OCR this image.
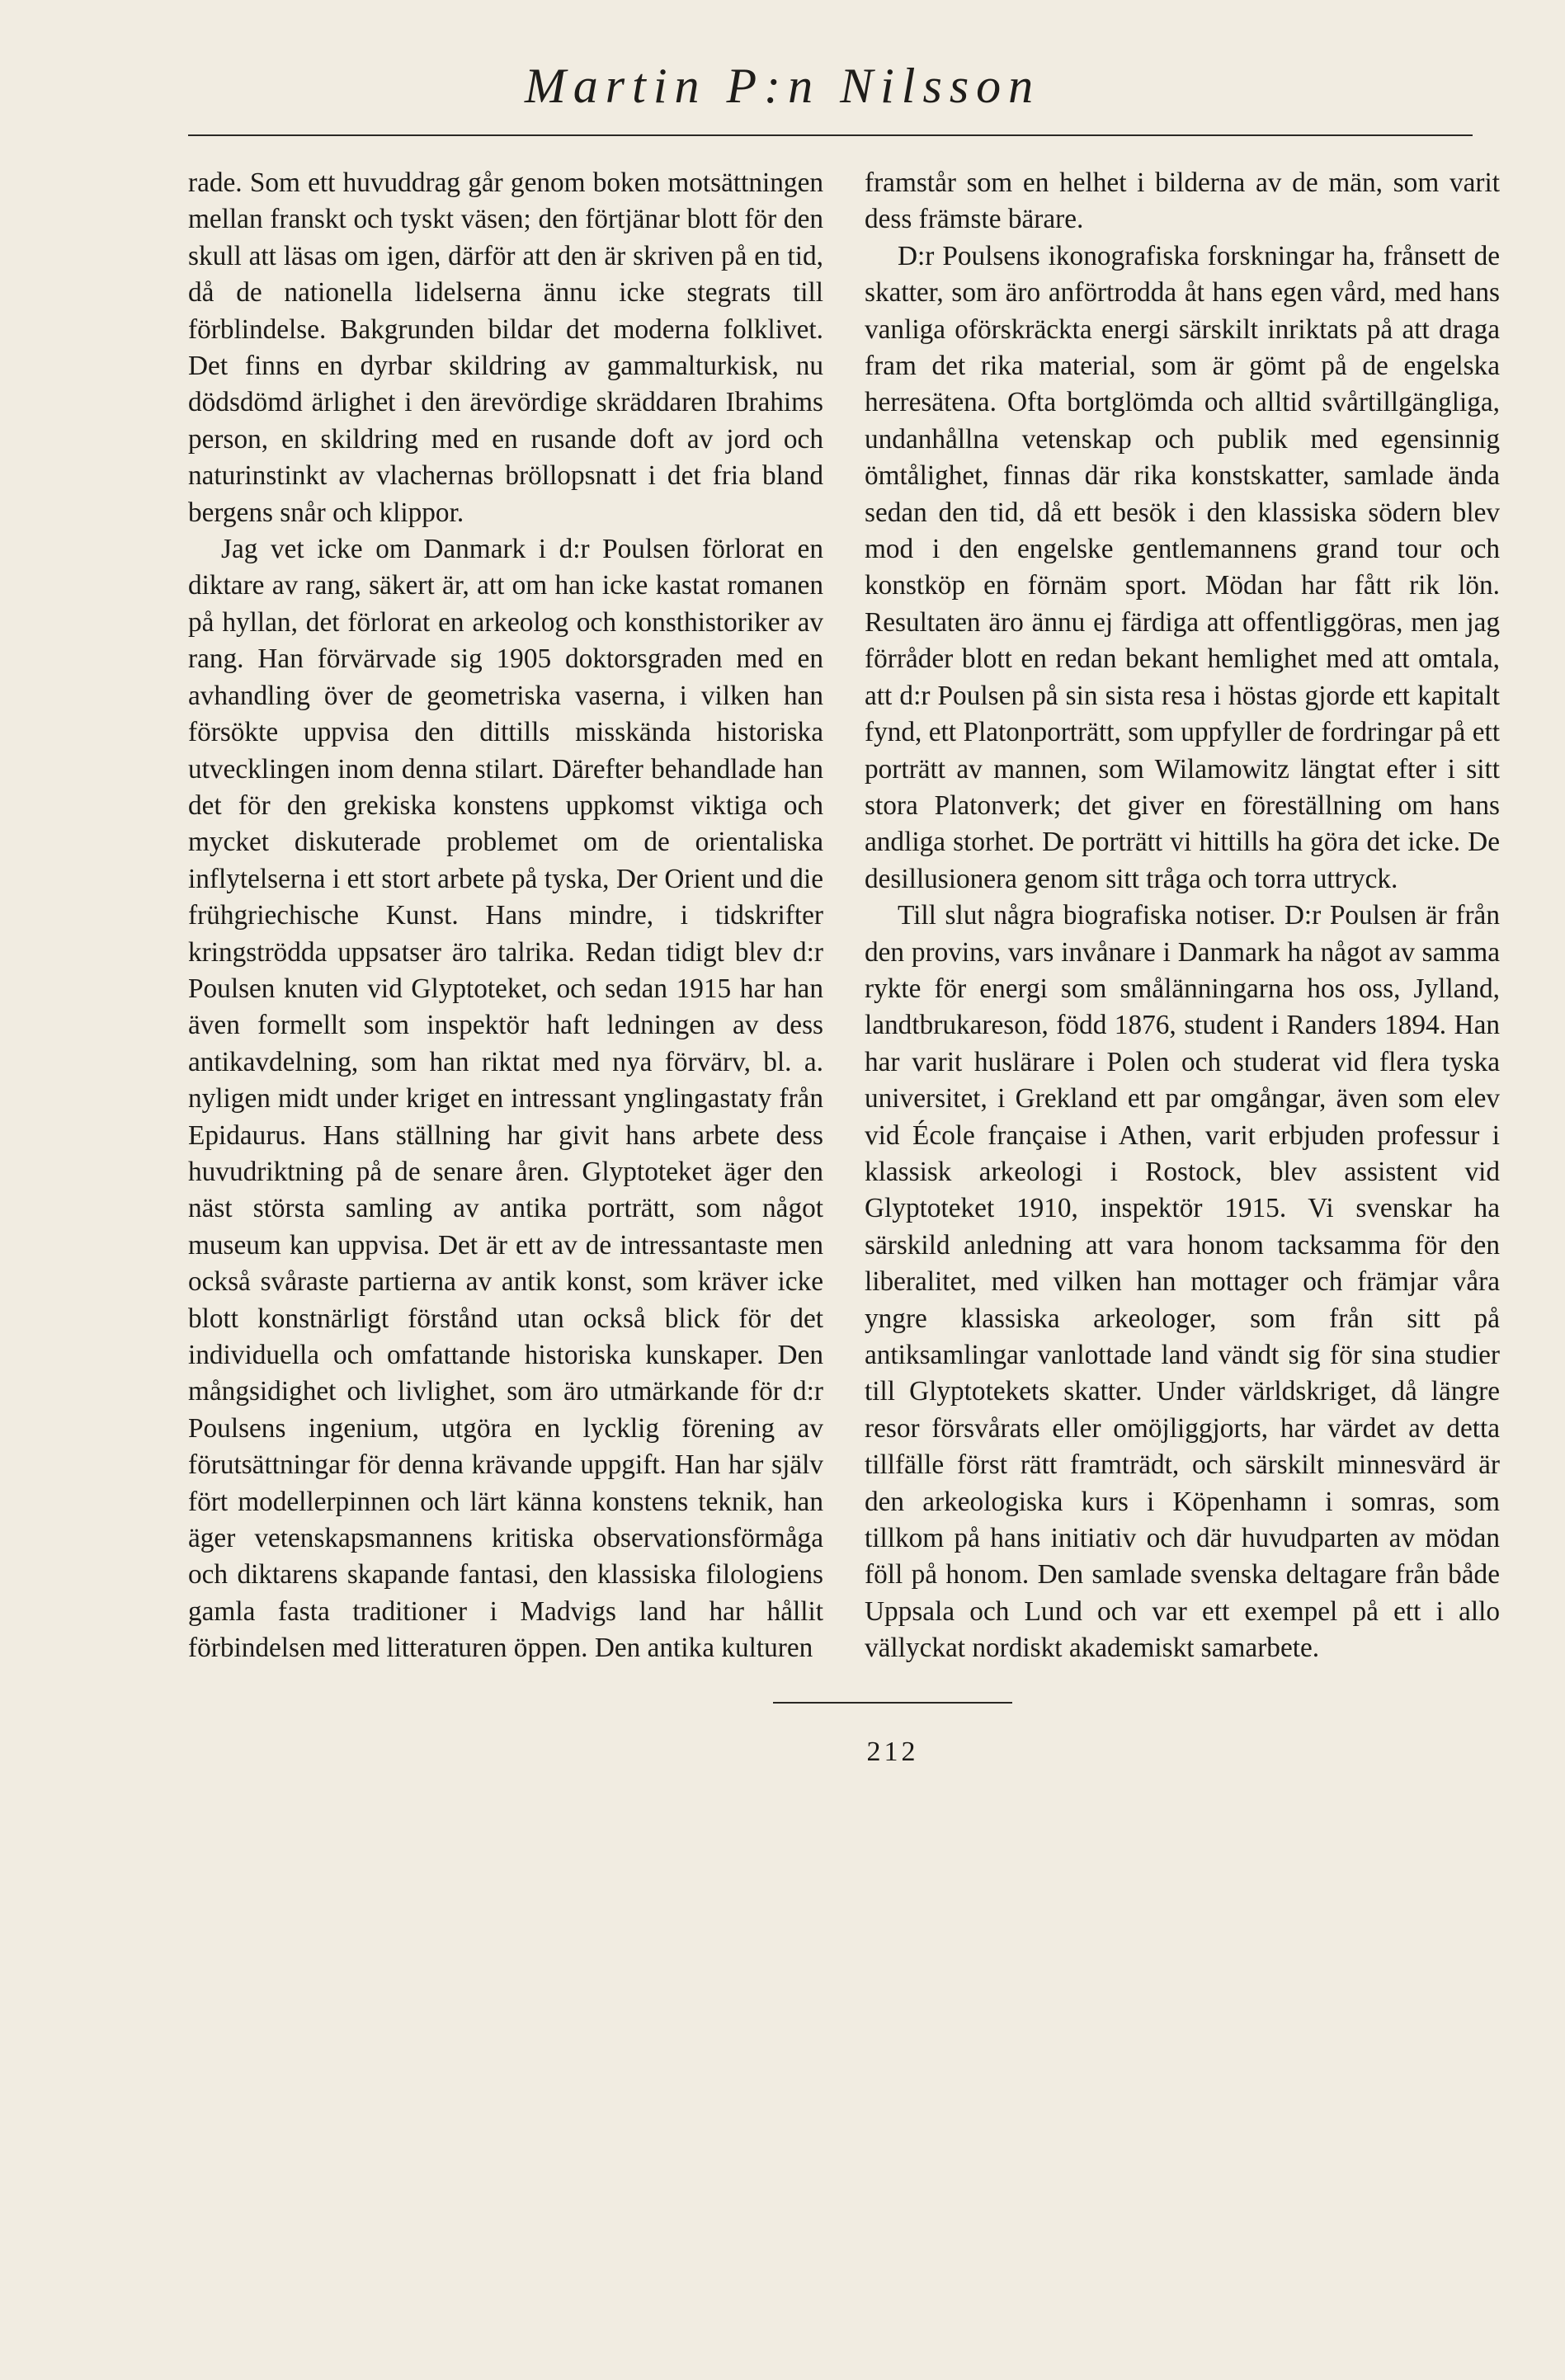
Martin P:n Nilsson

rade. Som ett huvuddrag går genom boken motsättningen mellan franskt och tyskt väsen; den förtjänar blott för den skull att läsas om igen, därför att den är skriven på en tid, då de nationella lidelserna ännu icke stegrats till förblindelse. Bakgrunden bildar det moderna folklivet. Det finns en dyrbar skildring av gammalturkisk, nu dödsdömd ärlighet i den ärevördige skräddaren Ibrahims person, en skildring med en rusande doft av jord och naturinstinkt av vlachernas bröllopsnatt i det fria bland bergens snår och klippor.

Jag vet icke om Danmark i d:r Poulsen förlorat en diktare av rang, säkert är, att om han icke kastat romanen på hyllan, det förlorat en arkeolog och konsthistoriker av rang. Han förvärvade sig 1905 doktorsgraden med en avhandling över de geometriska vaserna, i vilken han försökte uppvisa den dittills misskända historiska utvecklingen inom denna stilart. Därefter behandlade han det för den grekiska konstens uppkomst viktiga och mycket diskuterade problemet om de orientaliska inflytelserna i ett stort arbete på tyska, Der Orient und die frühgriechische Kunst. Hans mindre, i tidskrifter kringströdda uppsatser äro talrika. Redan tidigt blev d:r Poulsen knuten vid Glyptoteket, och sedan 1915 har han även formellt som inspektör haft ledningen av dess antikavdelning, som han riktat med nya förvärv, bl. a. nyligen midt under kriget en intressant ynglingastaty från Epidaurus. Hans ställning har givit hans arbete dess huvudriktning på de senare åren. Glyptoteket äger den näst största samling av antika porträtt, som något museum kan uppvisa. Det är ett av de intressantaste men också svåraste partierna av antik konst, som kräver icke blott konstnärligt förstånd utan också blick för det individuella och omfattande historiska kunskaper. Den mångsidighet och livlighet, som äro utmärkande för d:r Poulsens ingenium, utgöra en lycklig förening av förutsättningar för denna krävande uppgift. Han har själv fört modellerpinnen och lärt känna konstens teknik, han äger vetenskapsmannens kritiska observationsförmåga och diktarens skapande fantasi, den klassiska filologiens gamla fasta traditioner i Madvigs land har hållit förbindelsen med litteraturen öppen. Den antika kulturen

framstår som en helhet i bilderna av de män, som varit dess främste bärare.

D:r Poulsens ikonografiska forskningar ha, frånsett de skatter, som äro anförtrodda åt hans egen vård, med hans vanliga oförskräckta energi särskilt inriktats på att draga fram det rika material, som är gömt på de engelska herresätena. Ofta bortglömda och alltid svårtillgängliga, undanhållna vetenskap och publik med egensinnig ömtålighet, finnas där rika konstskatter, samlade ända sedan den tid, då ett besök i den klassiska södern blev mod i den engelske gentlemannens grand tour och konstköp en förnäm sport. Mödan har fått rik lön. Resultaten äro ännu ej färdiga att offentliggöras, men jag förråder blott en redan bekant hemlighet med att omtala, att d:r Poulsen på sin sista resa i höstas gjorde ett kapitalt fynd, ett Platonporträtt, som uppfyller de fordringar på ett porträtt av mannen, som Wilamowitz längtat efter i sitt stora Platonverk; det giver en föreställning om hans andliga storhet. De porträtt vi hittills ha göra det icke. De desillusionera genom sitt tråga och torra uttryck.

Till slut några biografiska notiser. D:r Poulsen är från den provins, vars invånare i Danmark ha något av samma rykte för energi som smålänningarna hos oss, Jylland, landtbrukareson, född 1876, student i Randers 1894. Han har varit huslärare i Polen och studerat vid flera tyska universitet, i Grekland ett par omgångar, även som elev vid École française i Athen, varit erbjuden professur i klassisk arkeologi i Rostock, blev assistent vid Glyptoteket 1910, inspektör 1915. Vi svenskar ha särskild anledning att vara honom tacksamma för den liberalitet, med vilken han mottager och främjar våra yngre klassiska arkeologer, som från sitt på antiksamlingar vanlottade land vändt sig för sina studier till Glyptotekets skatter. Under världskriget, då längre resor försvårats eller omöjliggjorts, har värdet av detta tillfälle först rätt framträdt, och särskilt minnesvärd är den arkeologiska kurs i Köpenhamn i somras, som tillkom på hans initiativ och där huvudparten av mödan föll på honom. Den samlade svenska deltagare från både Uppsala och Lund och var ett exempel på ett i allo vällyckat nordiskt akademiskt samarbete.

212
